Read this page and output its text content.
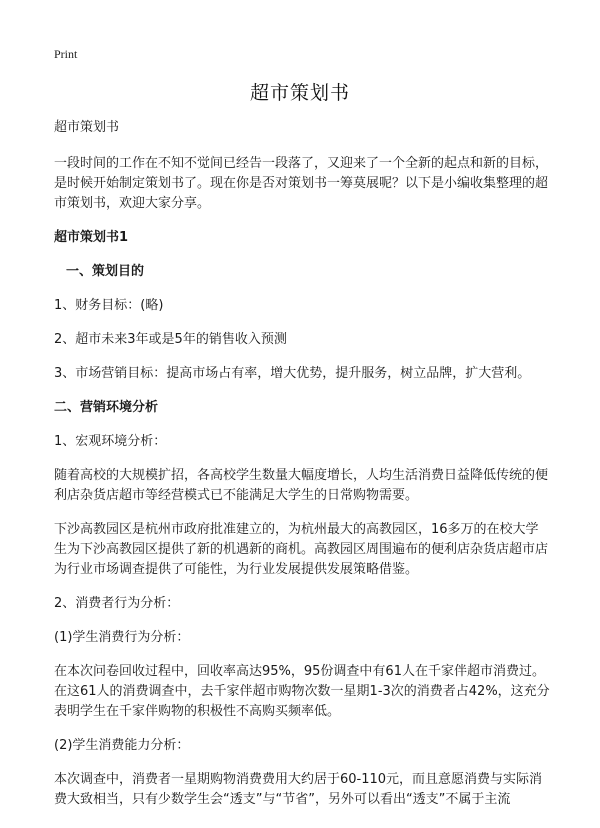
Print
超市策划书

超市策划书

一段时间的工作在不知不觉间已经告一段落了，又迎来了一个全新的起点和新的目标，是时候开始制定策划书了。现在你是否对策划书一筹莫展呢？以下是小编收集整理的超市策划书，欢迎大家分享。

超市策划书1

一、策划目的

1、财务目标：(略)

2、超市未来3年或是5年的销售收入预测

3、市场营销目标：提高市场占有率，增大优势，提升服务，树立品牌，扩大营利。

二、营销环境分析

1、宏观环境分析：

随着高校的大规模扩招，各高校学生数量大幅度增长，人均生活消费日益降低传统的便利店杂货店超市等经营模式已不能满足大学生的日常购物需要。

下沙高教园区是杭州市政府批准建立的，为杭州最大的高教园区，16多万的在校大学生为下沙高教园区提供了新的机遇新的商机。高教园区周围遍布的便利店杂货店超市店为行业市场调查提供了可能性，为行业发展提供发展策略借鉴。

2、消费者行为分析：

(1)学生消费行为分析：

在本次问卷回收过程中，回收率高达95%，95份调查中有61人在千家伴超市消费过。在这61人的消费调查中，去千家伴超市购物次数一星期1-3次的消费者占42%，这充分表明学生在千家伴购物的积极性不高购买频率低。

(2)学生消费能力分析：

本次调查中，消费者一星期购物消费费用大约居于60-110元，而且意愿消费与实际消费大致相当，只有少数学生会“透支”与“节省”，另外可以看出“透支”不属于主流
